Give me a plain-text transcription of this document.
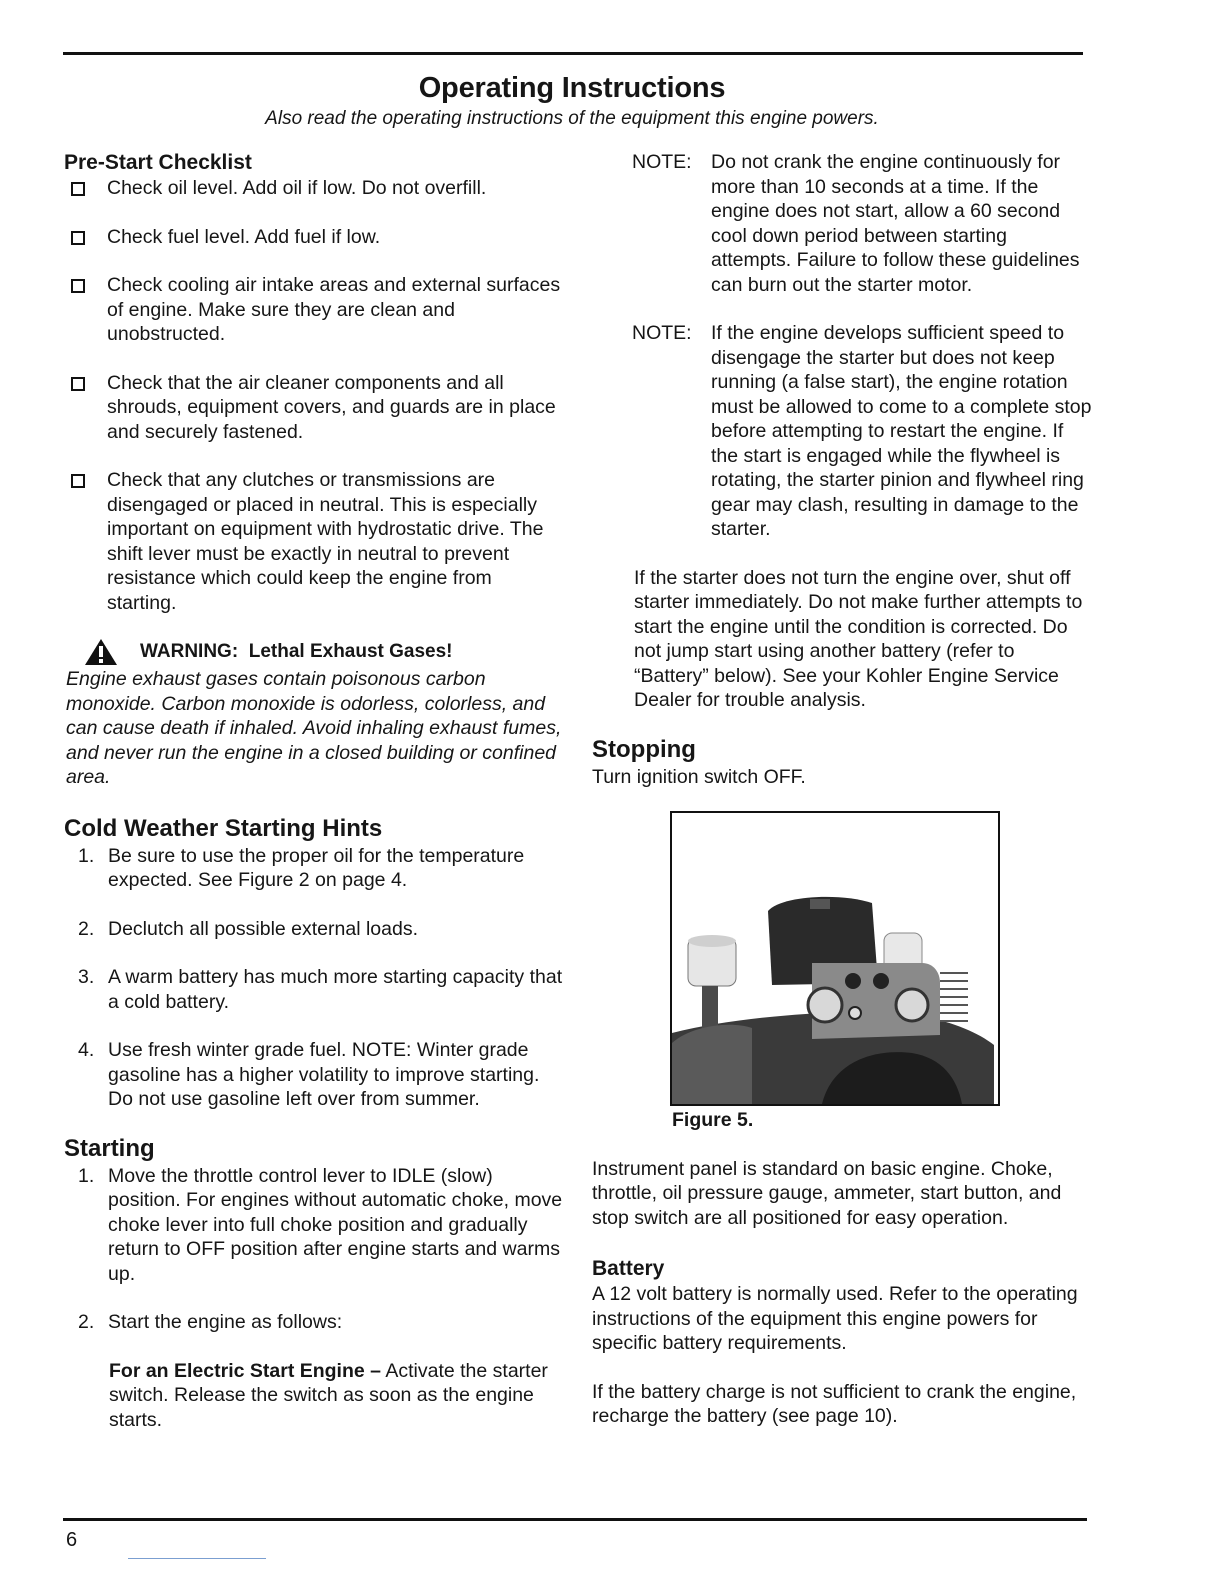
Operating Instructions
Also read the operating instructions of the equipment this engine powers.
Pre-Start Checklist
Check oil level. Add oil if low. Do not overfill.
Check fuel level. Add fuel if low.
Check cooling air intake areas and external surfaces of engine. Make sure they are clean and unobstructed.
Check that the air cleaner components and all shrouds, equipment covers, and guards are in place and securely fastened.
Check that any clutches or transmissions are disengaged or placed in neutral. This is especially important on equipment with hydrostatic drive. The shift lever must be exactly in neutral to prevent resistance which could keep the engine from starting.
WARNING:
Lethal Exhaust Gases!

Engine exhaust gases contain poisonous carbon monoxide. Carbon monoxide is odorless, colorless, and can cause death if inhaled. Avoid inhaling exhaust fumes, and never run the engine in a closed building or confined area.

Cold Weather Starting Hints
1. Be sure to use the proper oil for the temperature expected. See Figure 2 on page 4.
2. Declutch all possible external loads.
3. A warm battery has much more starting capacity that a cold battery.
4. Use fresh winter grade fuel. NOTE: Winter grade gasoline has a higher volatility to improve starting. Do not use gasoline left over from summer.
Starting
1. Move the throttle control lever to IDLE (slow) position. For engines without automatic choke, move choke lever into full choke position and gradually return to OFF position after engine starts and warms up.
2. Start the engine as follows:

For an Electric Start Engine – Activate the starter switch. Release the switch as soon as the engine starts.

NOTE: Do not crank the engine continuously for more than 10 seconds at a time. If the engine does not start, allow a 60 second cool down period between starting attempts. Failure to follow these guidelines can burn out the starter motor.
NOTE: If the engine develops sufficient speed to disengage the starter but does not keep running (a false start), the engine rotation must be allowed to come to a complete stop before attempting to restart the engine. If the start is engaged while the flywheel is rotating, the starter pinion and flywheel ring gear may clash, resulting in damage to the starter.

If the starter does not turn the engine over, shut off starter immediately. Do not make further attempts to start the engine until the condition is corrected. Do not jump start using another battery (refer to “Battery” below). See your Kohler Engine Service Dealer for trouble analysis.

Stopping

Turn ignition switch OFF.

Figure 5.

Instrument panel is standard on basic engine. Choke, throttle, oil pressure gauge, ammeter, start button, and stop switch are all positioned for easy operation.

Battery

A 12 volt battery is normally used. Refer to the operating instructions of the equipment this engine powers for specific battery requirements.

If the battery charge is not sufficient to crank the engine, recharge the battery (see page 10).

6
